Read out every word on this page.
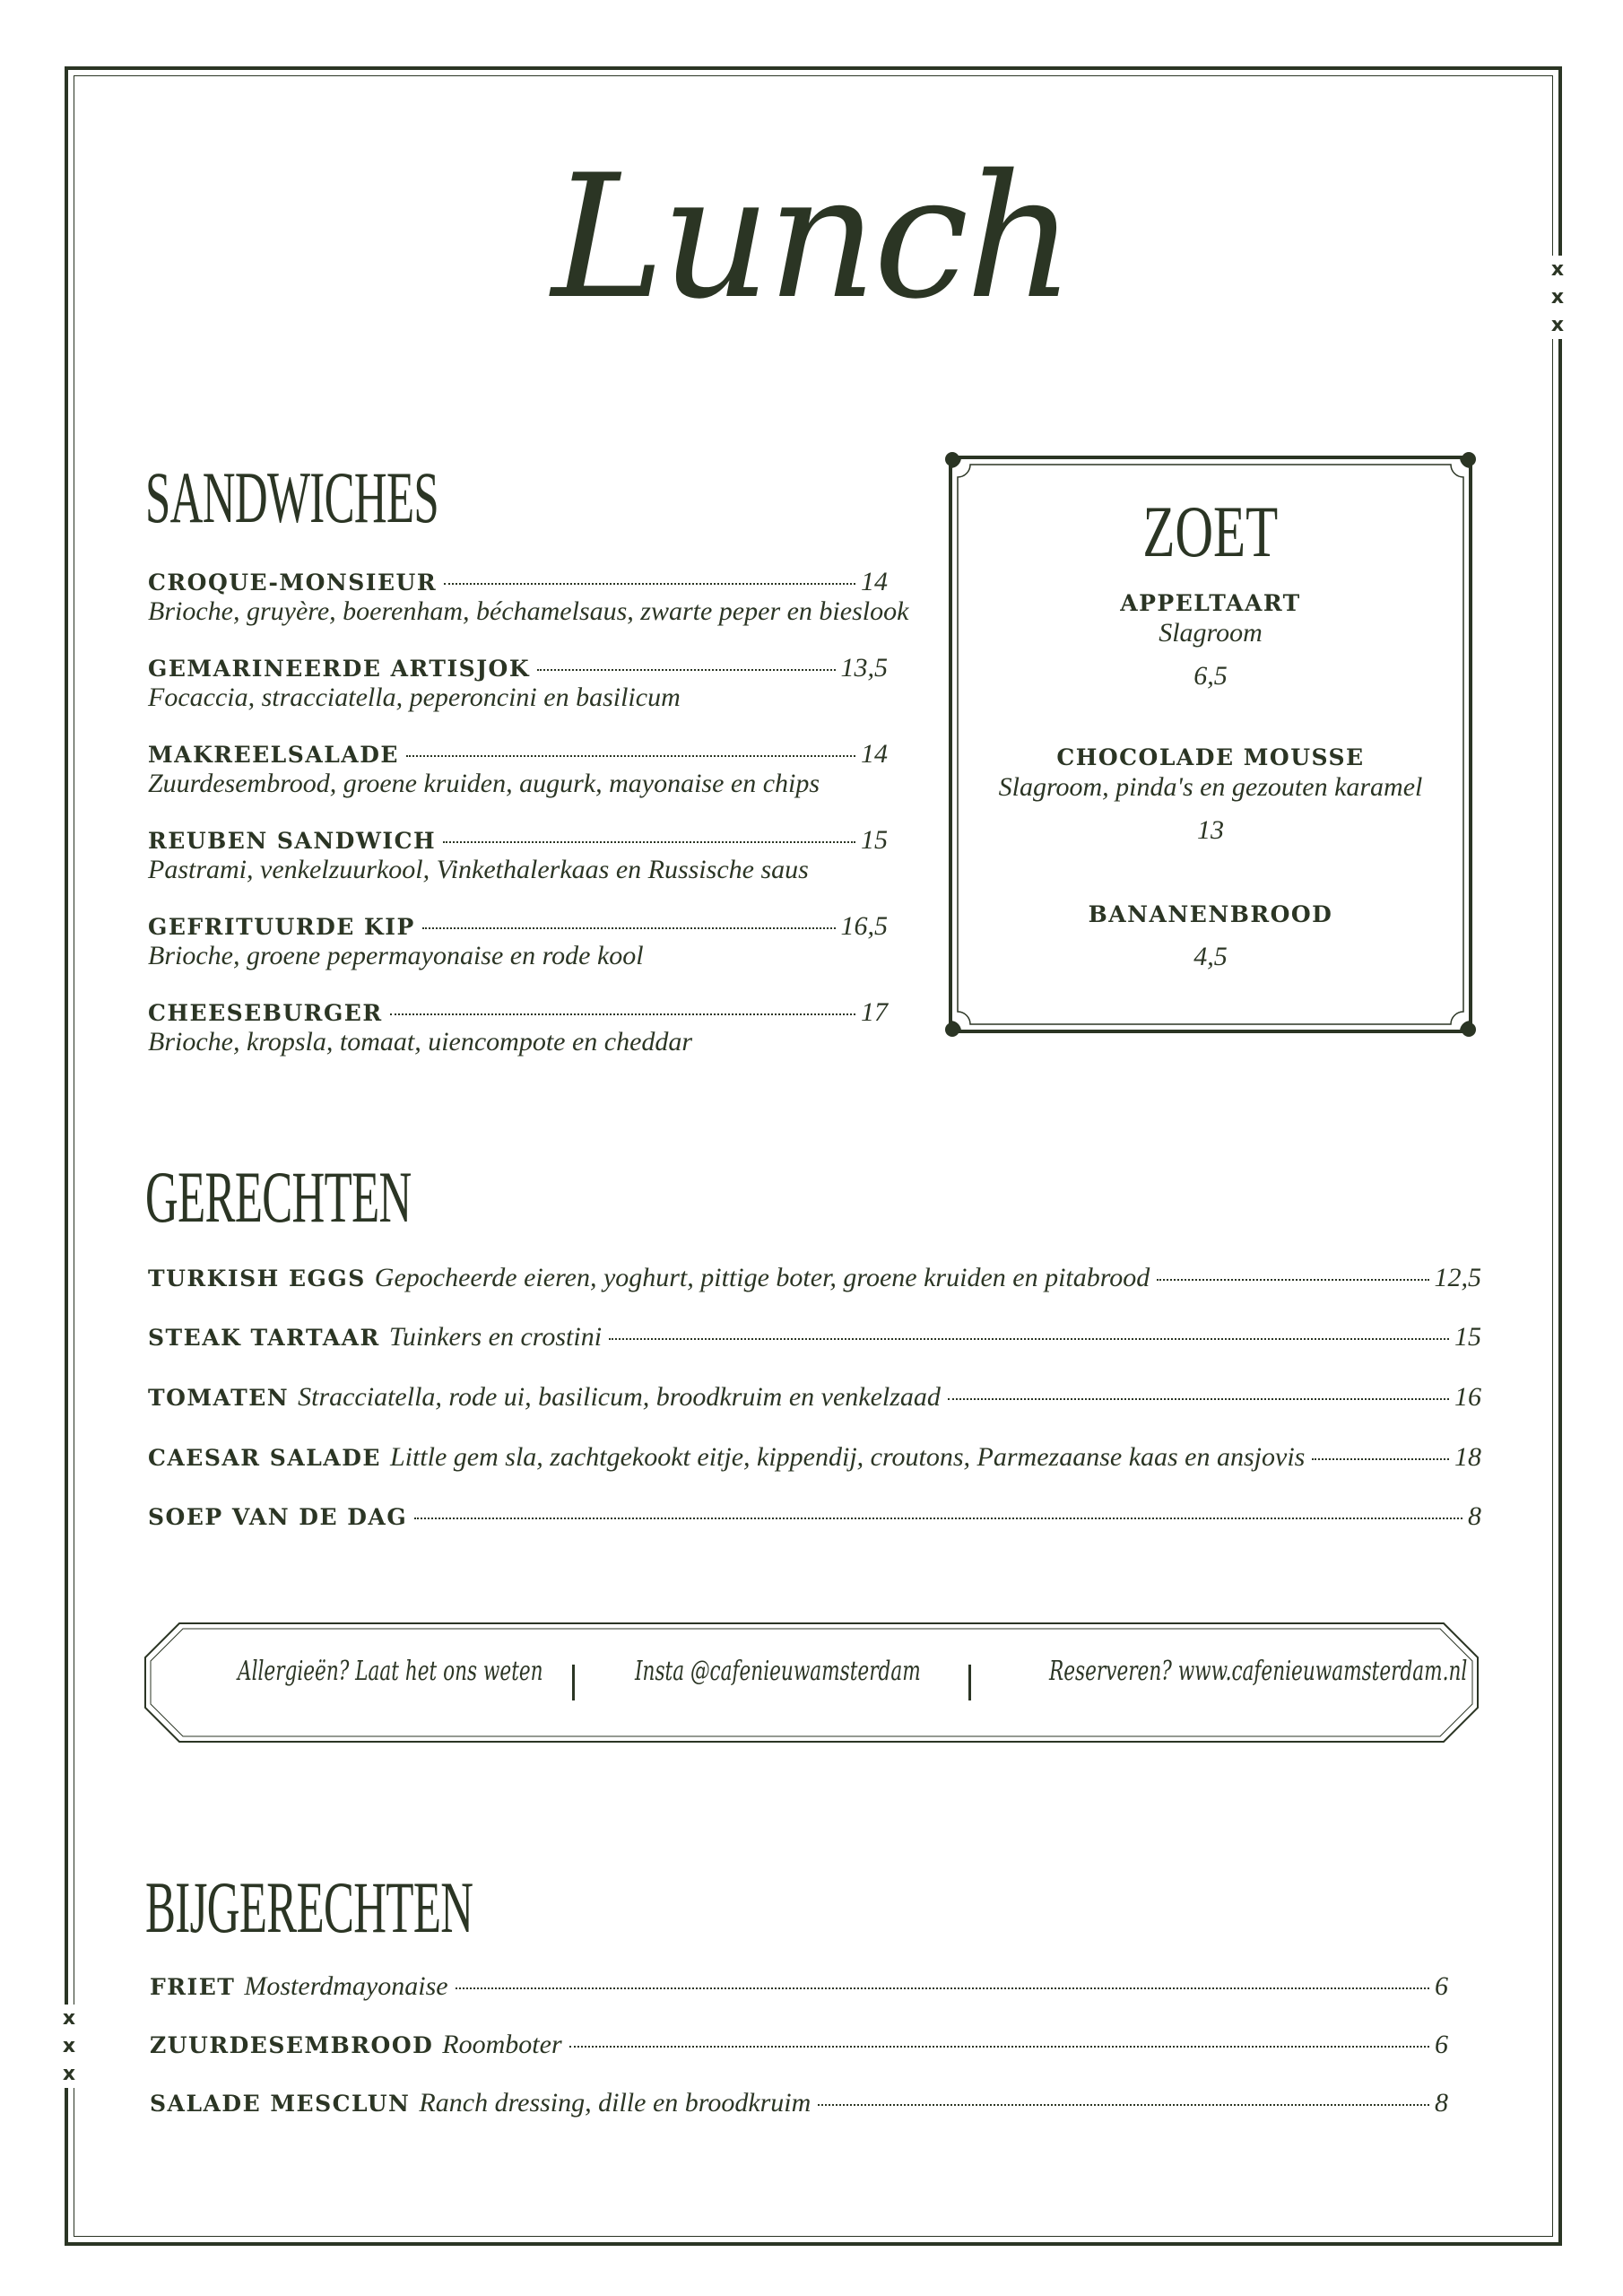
x
x
x
x
x
x
Lunch
SANDWICHES
CROQUE-MONSIEUR	14
Brioche, gruyère, boerenham, béchamelsaus, zwarte peper en bieslook
GEMARINEERDE ARTISJOK	13,5
Focaccia, stracciatella, peperoncini en basilicum
MAKREELSALADE	14
Zuurdesembrood, groene kruiden, augurk, mayonaise en chips
REUBEN SANDWICH	15
Pastrami, venkelzuurkool, Vinkethalerkaas en Russische saus
GEFRITUURDE KIP	16,5
Brioche, groene pepermayonaise en rode kool
CHEESEBURGER	17
Brioche, kropsla, tomaat, uiencompote en cheddar
ZOET
APPELTAART
Slagroom
6,5
CHOCOLADE MOUSSE
Slagroom, pinda's en gezouten karamel
13
BANANENBROOD
4,5
GERECHTEN
TURKISH EGGS Gepocheerde eieren, yoghurt, pittige boter, groene kruiden en pitabrood	12,5
STEAK TARTAAR Tuinkers en crostini	15
TOMATEN Stracciatella, rode ui, basilicum, broodkruim en venkelzaad	16
CAESAR SALADE Little gem sla, zachtgekookt eitje, kippendij, croutons, Parmezaanse kaas en ansjovis	18
SOEP VAN DE DAG	8
Allergieën? Laat het ons weten	Insta @cafenieuwamsterdam	Reserveren? www.cafenieuwamsterdam.nl
BIJGERECHTEN
FRIET Mosterdmayonaise	6
ZUURDESEMBROOD Roomboter	6
SALADE MESCLUN Ranch dressing, dille en broodkruim	8
